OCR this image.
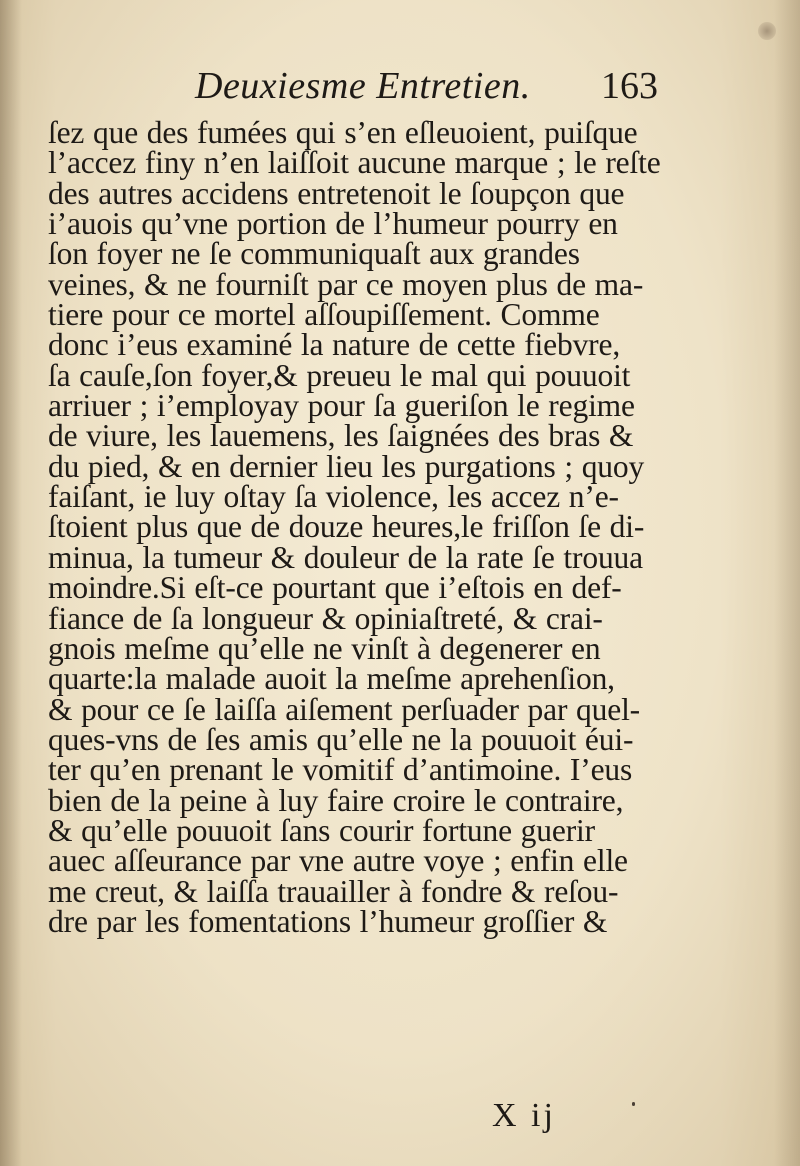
Deuxiesme Entretien. 163
ſez que des fumées qui s’en eſleuoient, puiſque
l’accez finy n’en laiſſoit aucune marque ; le reſte
des autres accidens entretenoit le ſoupçon que
i’auois qu’vne portion de l’humeur pourry en
ſon foyer ne ſe communiquaſt aux grandes
veines, & ne fourniſt par ce moyen plus de ma-
tiere pour ce mortel aſſoupiſſement. Comme
donc i’eus examiné la nature de cette fiebvre,
ſa cauſe,ſon foyer,& preueu le mal qui pouuoit
arriuer ; i’employay pour ſa gueriſon le regime
de viure, les lauemens, les ſaignées des bras &
du pied, & en dernier lieu les purgations ; quoy
faiſant, ie luy oſtay ſa violence, les accez n’e-
ſtoient plus que de douze heures,le friſſon ſe di-
minua, la tumeur & douleur de la rate ſe trouua
moindre.Si eſt-ce pourtant que i’eſtois en def-
fiance de ſa longueur & opiniaſtreté, & crai-
gnois meſme qu’elle ne vinſt à degenerer en
quarte:la malade auoit la meſme aprehenſion,
& pour ce ſe laiſſa aiſement perſuader par quel-
ques-vns de ſes amis qu’elle ne la pouuoit éui-
ter qu’en prenant le vomitif d’antimoine. I’eus
bien de la peine à luy faire croire le contraire,
& qu’elle pouuoit ſans courir fortune guerir
auec aſſeurance par vne autre voye ; enfin elle
me creut, & laiſſa trauailler à fondre & reſou-
dre par les fomentations l’humeur groſſier &
X ij
